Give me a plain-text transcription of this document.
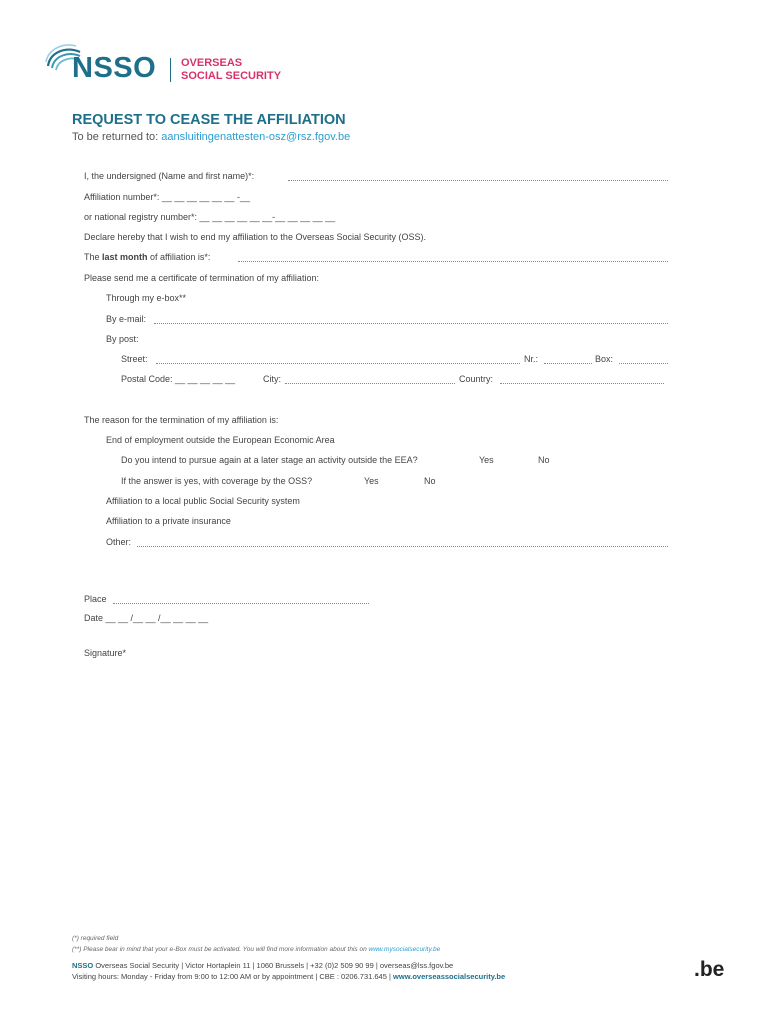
NSSO OVERSEAS
SOCIAL SECURITY
REQUEST TO CEASE THE AFFILIATION
To be returned to: aansluitingenattesten-osz@rsz.fgov.be
I, the undersigned (Name and first name)*:
Affiliation number*: __ __ __ __ __ __ -__
or national registry number*: __ __ __ __ __ __-__ __ __ __ __
Declare hereby that I wish to end my affiliation to the Overseas Social Security (OSS).
The last month of affiliation is*:
Please send me a certificate of termination of my affiliation:
Through my e-box**
By e-mail:
By post:
Street:	Nr.:	Box:
Postal Code: __ __ __ __ __	City:	Country:
The reason for the termination of my affiliation is:
End of employment outside the European Economic Area
Do you intend to pursue again at a later stage an activity outside the EEA?	Yes	No
If the answer is yes, with coverage by the OSS?	Yes	No
Affiliation to a local public Social Security system
Affiliation to a private insurance
Other:
Place
Date __ __ /__ __ /__ __ __ __
Signature*
(*) required field
(**) Please bear in mind that your e-Box must be activated. You will find more information about this on www.mysocialsecurity.be
NSSO Overseas Social Security | Victor Hortaplein 11 | 1060 Brussels | +32 (0)2 509 90 99 | overseas@lss.fgov.be
Visiting hours: Monday - Friday from 9:00 to 12:00 AM or by appointment | CBE : 0206.731.645 | www.overseassocialsecurity.be	.be
